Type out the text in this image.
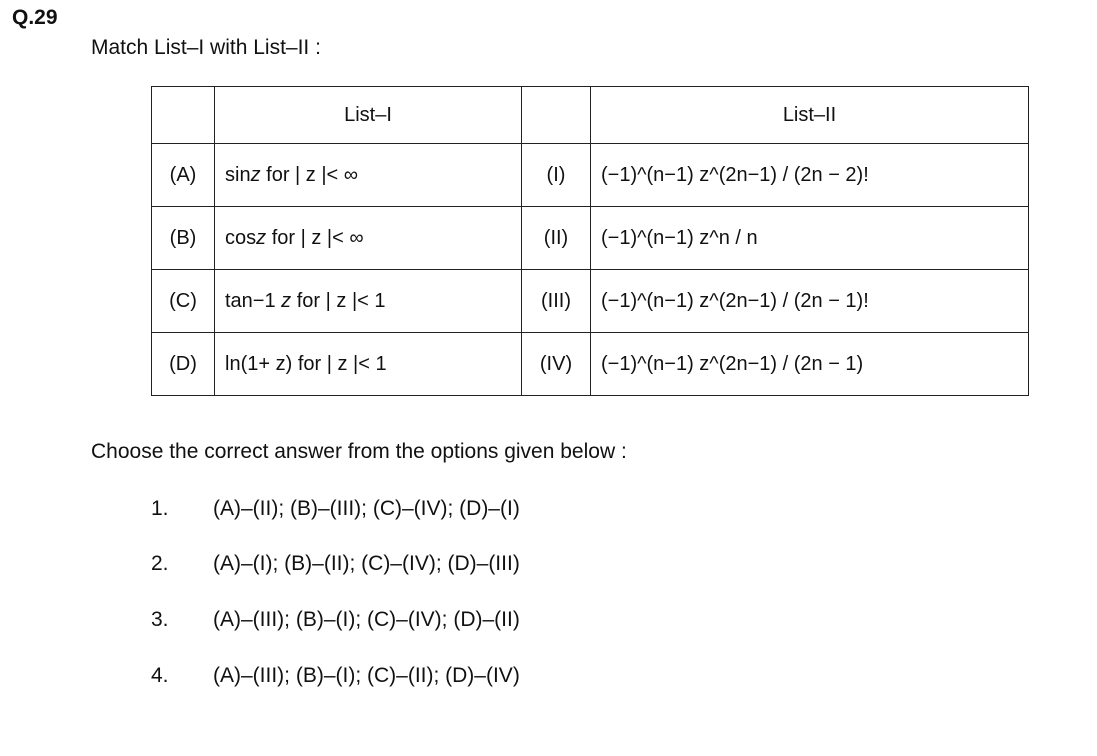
Q.29
Match List–I with List–II :
	List–I		List–II
(A)	sinz for | z |< ∞	(I)	(−1)^(n−1) z^(2n−1) / (2n − 2)!
(B)	cosz for | z |< ∞	(II)	(−1)^(n−1) z^n / n
(C)	tan−1 z for | z |< 1	(III)	(−1)^(n−1) z^(2n−1) / (2n − 1)!
(D)	ln(1+ z) for | z |< 1	(IV)	(−1)^(n−1) z^(2n−1) / (2n − 1)
Choose the correct answer from the options given below :
1. (A)–(II); (B)–(III); (C)–(IV); (D)–(I)
2. (A)–(I); (B)–(II); (C)–(IV); (D)–(III)
3. (A)–(III); (B)–(I); (C)–(IV); (D)–(II)
4. (A)–(III); (B)–(I); (C)–(II); (D)–(IV)
